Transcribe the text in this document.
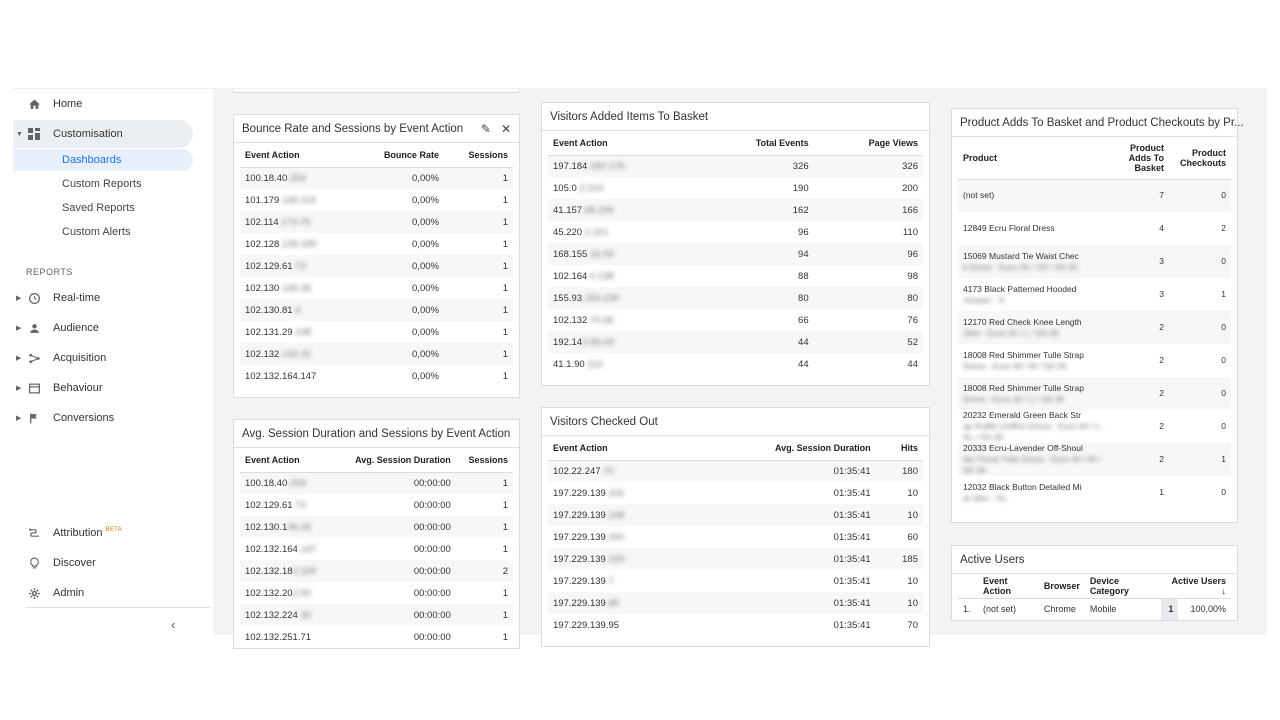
Home
▼	Customisation
Dashboards
Custom Reports
Saved Reports
Custom Alerts
REPORTS
▶	Real-time
▶	Audience
▶	Acquisition
▶	Behaviour
▶	Conversions
Attribution $^{BETA}$
Discover
Admin
‹
Bounce Rate and Sessions by Event Action	✎ ✕
Event Action	Bounce Rate	Sessions
100.18.40.254	0,00%	1
101.179.136.119	0,00%	1
102.114.173.76	0,00%	1
102.128.139.189	0,00%	1
102.129.61.73	0,00%	1
102.130.136.26	0,00%	1
102.130.81.4	0,00%	1
102.131.29.138	0,00%	1
102.132.132.32	0,00%	1
102.132.164.147	0,00%	1
Avg. Session Duration and Sessions by Event Action
Event Action	Avg. Session Duration	Sessions
100.18.40.254	00:00:00	1
102.129.61.73	00:00:00	1
102.130.136.26	00:00:00	1
102.132.164.147	00:00:00	1
102.132.180.169	00:00:00	2
102.132.202.50	00:00:00	1
102.132.224.30	00:00:00	1
102.132.251.71	00:00:00	1
Visitors Added Items To Basket
Event Action	Total Events	Page Views
197.184.183.176	326	326
105.0.2.214	190	200
41.157.68.194	162	166
45.220.1.221	96	110
168.155.16.59	94	96
102.164.0.138	88	98
155.93.184.230	80	80
102.132.70.66	66	76
192.143.99.43	44	52
41.1.90.113	44	44
Visitors Checked Out
Event Action	Avg. Session Duration	Hits
102.22.247.70	01:35:41	180
197.229.139.116	01:35:41	10
197.229.139.148	01:35:41	10
197.229.139.200	01:35:41	60
197.229.139.229	01:35:41	185
197.229.139.7	01:35:41	10
197.229.139.85	01:35:41	10
197.229.139.95	01:35:41	70
Product Adds To Basket and Product Checkouts by Pr...
Product	Product Adds To Basket	Product Checkouts
(not set)	7	0
12849 Ecru Floral Dress	4	2
15069 Mustard Tie Waist Chec
k Dress - Euro 34 / XS / SA 30	3	0
4173 Black Patterned Hooded
Jumper - S	3	1
12170 Red Check Knee Length
Skirt - Euro 42 / L / SA 36	2	0
18008 Red Shimmer Tulle Strap
Dress - Euro 40 / M / SA 34	2	0
18008 Red Shimmer Tulle Strap
Dress - Euro 42 / L / SA 36	2	0
20232 Emerald Green Back Str
ap Ruffle Chiffon Dress - Euro 44 / L-XL / SA 36	2	0
20333 Ecru-Lavender Off-Shoul
der Floral Tulle Dress - Euro 40 / M / SA 34	2	1
12032 Black Button Detailed Mi
di Skirt - XL	1	0
Active Users
	Event Action	Browser	Device Category	Active Users ↓	
1.	(not set)	Chrome	Mobile	1	100,00%
